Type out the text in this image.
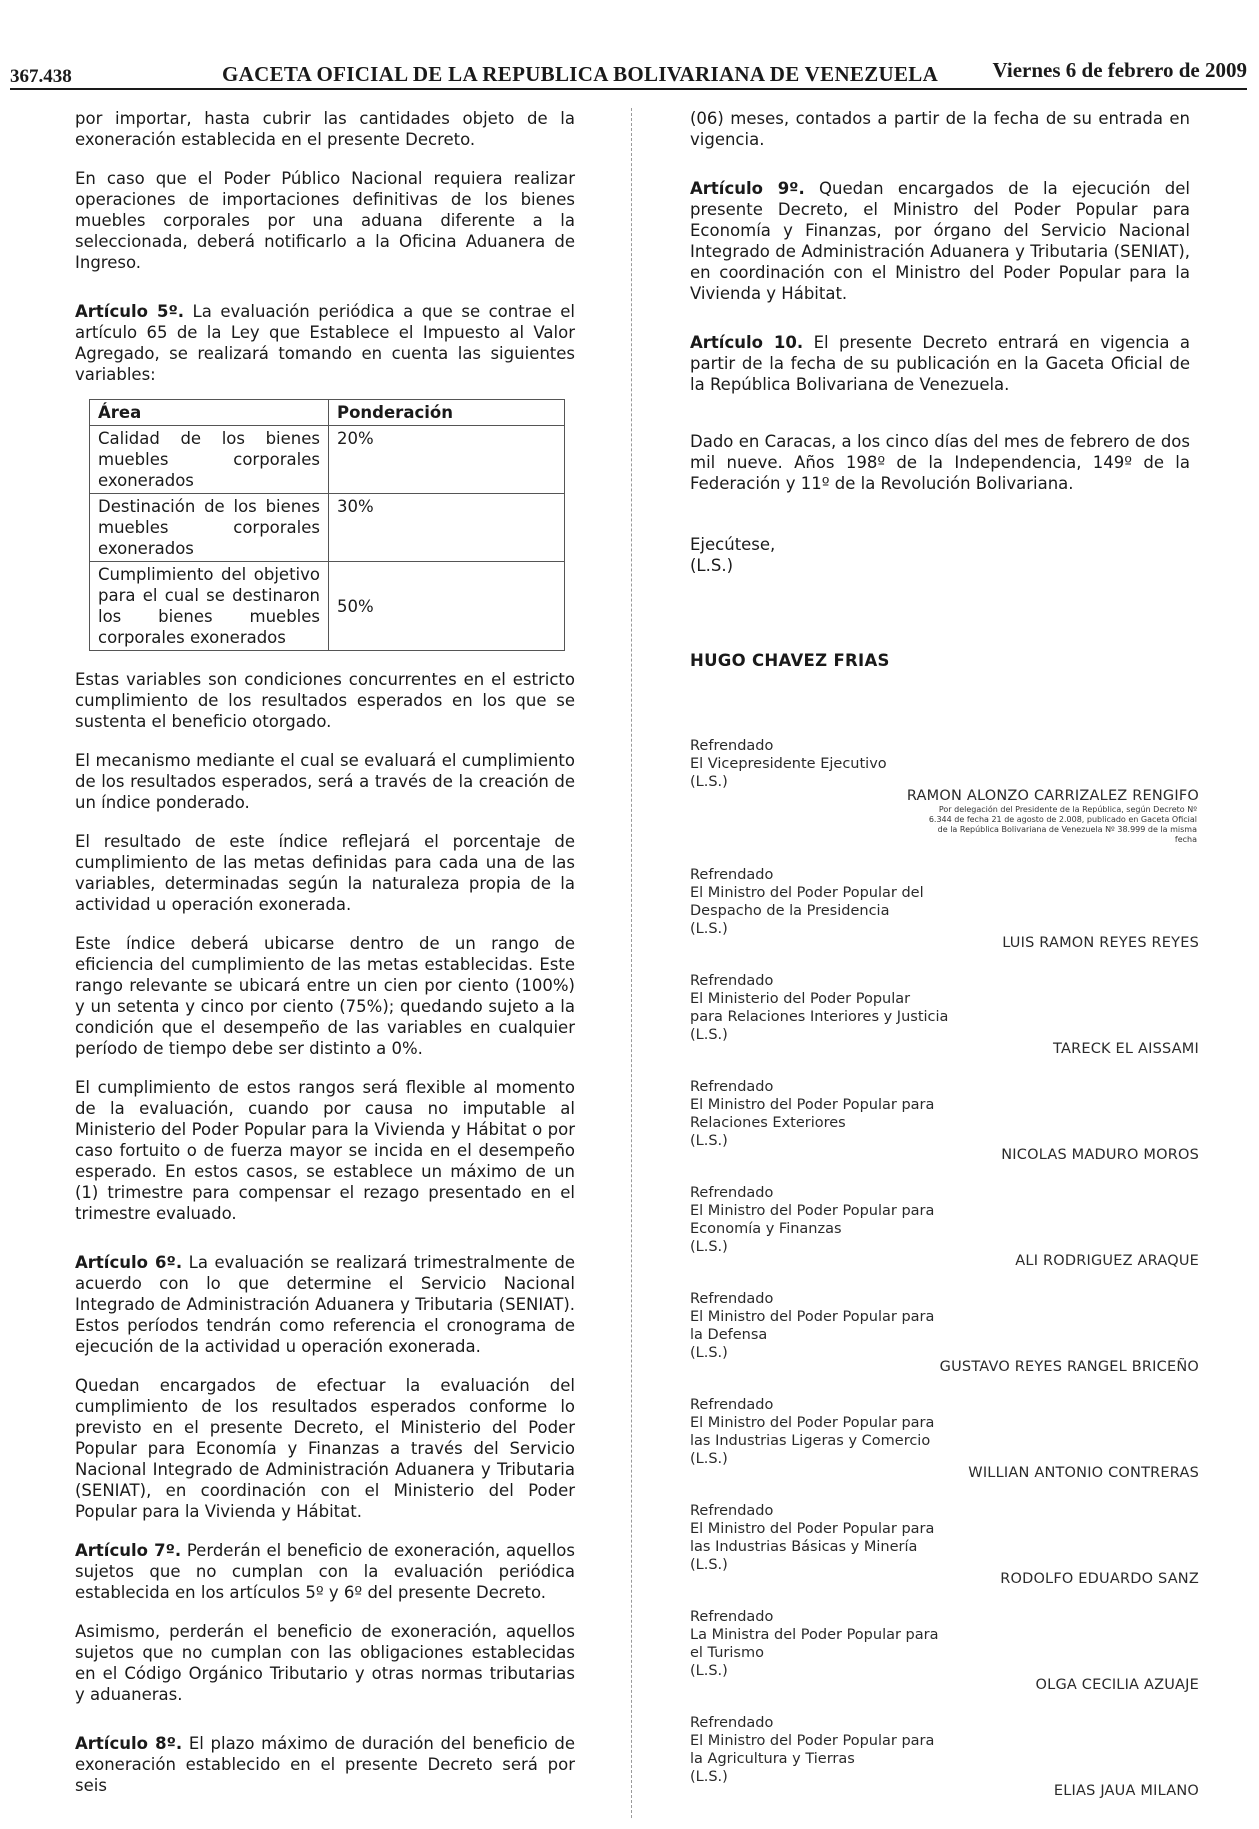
367.438	GACETA OFICIAL DE LA REPUBLICA BOLIVARIANA DE VENEZUELA	Viernes 6 de febrero de 2009

por importar, hasta cubrir las cantidades objeto de la exoneración establecida en el presente Decreto.

En caso que el Poder Público Nacional requiera realizar operaciones de importaciones definitivas de los bienes muebles corporales por una aduana diferente a la seleccionada, deberá notificarlo a la Oficina Aduanera de Ingreso.

Artículo 5º. La evaluación periódica a que se contrae el artículo 65 de la Ley que Establece el Impuesto al Valor Agregado, se realizará tomando en cuenta las siguientes variables:

Área	Ponderación
Calidad de los bienes muebles corporales exonerados	20%
Destinación de los bienes muebles corporales exonerados	30%
Cumplimiento del objetivo para el cual se destinaron los bienes muebles corporales exonerados	50%

Estas variables son condiciones concurrentes en el estricto cumplimiento de los resultados esperados en los que se sustenta el beneficio otorgado.

El mecanismo mediante el cual se evaluará el cumplimiento de los resultados esperados, será a través de la creación de un índice ponderado.

El resultado de este índice reflejará el porcentaje de cumplimiento de las metas definidas para cada una de las variables, determinadas según la naturaleza propia de la actividad u operación exonerada.

Este índice deberá ubicarse dentro de un rango de eficiencia del cumplimiento de las metas establecidas. Este rango relevante se ubicará entre un cien por ciento (100%) y un setenta y cinco por ciento (75%); quedando sujeto a la condición que el desempeño de las variables en cualquier período de tiempo debe ser distinto a 0%.

El cumplimiento de estos rangos será flexible al momento de la evaluación, cuando por causa no imputable al Ministerio del Poder Popular para la Vivienda y Hábitat o por caso fortuito o de fuerza mayor se incida en el desempeño esperado. En estos casos, se establece un máximo de un (1) trimestre para compensar el rezago presentado en el trimestre evaluado.

Artículo 6º. La evaluación se realizará trimestralmente de acuerdo con lo que determine el Servicio Nacional Integrado de Administración Aduanera y Tributaria (SENIAT). Estos períodos tendrán como referencia el cronograma de ejecución de la actividad u operación exonerada.

Quedan encargados de efectuar la evaluación del cumplimiento de los resultados esperados conforme lo previsto en el presente Decreto, el Ministerio del Poder Popular para Economía y Finanzas a través del Servicio Nacional Integrado de Administración Aduanera y Tributaria (SENIAT), en coordinación con el Ministerio del Poder Popular para la Vivienda y Hábitat.

Artículo 7º. Perderán el beneficio de exoneración, aquellos sujetos que no cumplan con la evaluación periódica establecida en los artículos 5º y 6º del presente Decreto.

Asimismo, perderán el beneficio de exoneración, aquellos sujetos que no cumplan con las obligaciones establecidas en el Código Orgánico Tributario y otras normas tributarias y aduaneras.

Artículo 8º. El plazo máximo de duración del beneficio de exoneración establecido en el presente Decreto será por seis

(06) meses, contados a partir de la fecha de su entrada en vigencia.

Artículo 9º. Quedan encargados de la ejecución del presente Decreto, el Ministro del Poder Popular para Economía y Finanzas, por órgano del Servicio Nacional Integrado de Administración Aduanera y Tributaria (SENIAT), en coordinación con el Ministro del Poder Popular para la Vivienda y Hábitat.

Artículo 10. El presente Decreto entrará en vigencia a partir de la fecha de su publicación en la Gaceta Oficial de la República Bolivariana de Venezuela.

Dado en Caracas, a los cinco días del mes de febrero de dos mil nueve. Años 198º de la Independencia, 149º de la Federación y 11º de la Revolución Bolivariana.

Ejecútese,

(L.S.)

HUGO CHAVEZ FRIAS

Refrendado
El Vicepresidente Ejecutivo
(L.S.)
RAMON ALONZO CARRIZALEZ RENGIFO
Por delegación del Presidente de la República, según Decreto Nº 6.344 de fecha 21 de agosto de 2.008, publicado en Gaceta Oficial de la República Bolivariana de Venezuela Nº 38.999 de la misma fecha
Refrendado
El Ministro del Poder Popular del
Despacho de la Presidencia
(L.S.)
LUIS RAMON REYES REYES
Refrendado
El Ministerio del Poder Popular
para Relaciones Interiores y Justicia
(L.S.)
TARECK EL AISSAMI
Refrendado
El Ministro del Poder Popular para
Relaciones Exteriores
(L.S.)
NICOLAS MADURO MOROS
Refrendado
El Ministro del Poder Popular para
Economía y Finanzas
(L.S.)
ALI RODRIGUEZ ARAQUE
Refrendado
El Ministro del Poder Popular para
la Defensa
(L.S.)
GUSTAVO REYES RANGEL BRICEÑO
Refrendado
El Ministro del Poder Popular para
las Industrias Ligeras y Comercio
(L.S.)
WILLIAN ANTONIO CONTRERAS
Refrendado
El Ministro del Poder Popular para
las Industrias Básicas y Minería
(L.S.)
RODOLFO EDUARDO SANZ
Refrendado
La Ministra del Poder Popular para
el Turismo
(L.S.)
OLGA CECILIA AZUAJE
Refrendado
El Ministro del Poder Popular para
la Agricultura y Tierras
(L.S.)
ELIAS JAUA MILANO
